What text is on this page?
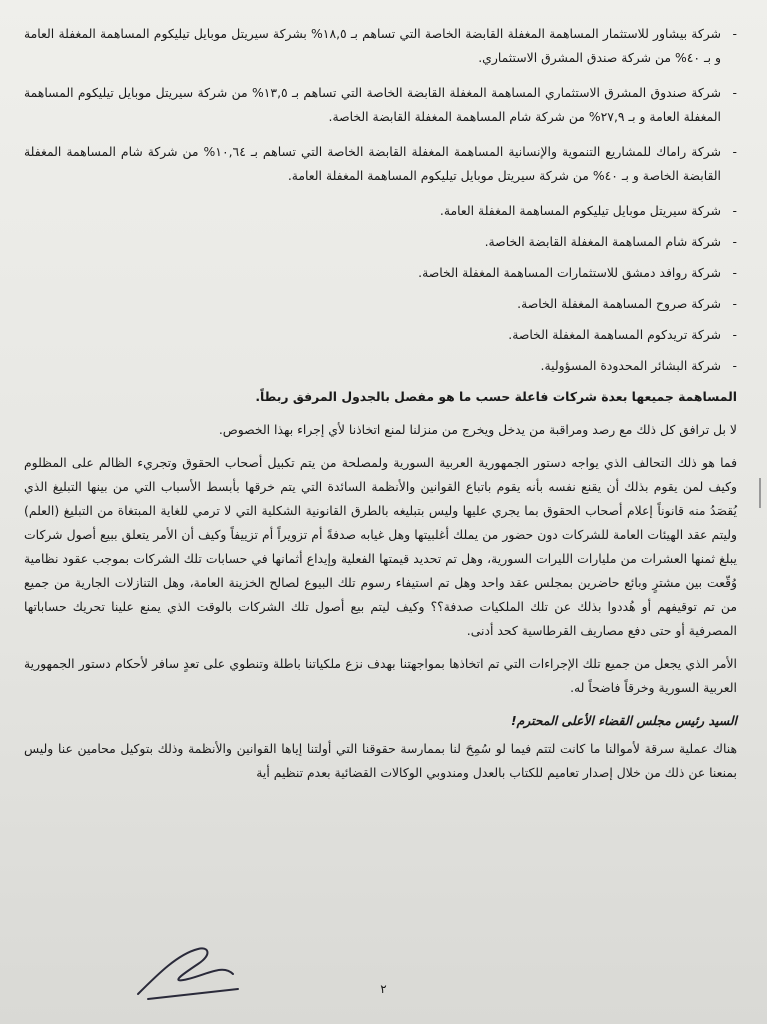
- شركة بيشاور للاستثمار المساهمة المغفلة القابضة الخاصة التي تساهم بـ ١٨,٥% بشركة سيريتل موبايل تيليكوم المساهمة المغفلة العامة و بـ ٤٠% من شركة صندق المشرق الاستثماري.
- شركة صندوق المشرق الاستثماري المساهمة المغفلة القابضة الخاصة التي تساهم بـ ١٣,٥% من شركة سيريتل موبايل تيليكوم المساهمة المغفلة العامة و بـ ٢٧,٩% من شركة شام المساهمة المغفلة القابضة الخاصة.
- شركة راماك للمشاريع التنموية والإنسانية المساهمة المغفلة القابضة الخاصة التي تساهم بـ ١٠,٦٤% من شركة شام المساهمة المغفلة القابضة الخاصة و بـ ٤٠% من شركة سيريتل موبايل تيليكوم المساهمة المغفلة العامة.
- شركة سيريتل موبايل تيليكوم المساهمة المغفلة العامة.
- شركة شام المساهمة المغفلة القابضة الخاصة.
- شركة روافد دمشق للاستثمارات المساهمة المغفلة الخاصة.
- شركة صروح المساهمة المغفلة الخاصة.
- شركة تريدكوم المساهمة المغفلة الخاصة.
- شركة البشائر المحدودة المسؤولية.

المساهمة جميعها بعدة شركات فاعلة حسب ما هو مفصل بالجدول المرفق ربطاً.

لا بل ترافق كل ذلك مع رصد ومراقبة من يدخل ويخرج من منزلنا لمنع اتخاذنا لأي إجراء بهذا الخصوص.

فما هو ذلك التحالف الذي يواجه دستور الجمهورية العربية السورية ولمصلحة من يتم تكبيل أصحاب الحقوق وتجريء الظالم على المظلوم وكيف لمن يقوم بذلك أن يقنع نفسه بأنه يقوم باتباع القوانين والأنظمة السائدة التي يتم خرقها بأبسط الأسباب التي من بينها التبليغ الذي يُقصَدُ منه قانوناً إعلام أصحاب الحقوق بما يجري عليها وليس بتبليغه بالطرق القانونية الشكلية التي لا ترمي للغاية المبتغاة من التبليغ (العلم) وليتم عقد الهيئات العامة للشركات دون حضور من يملك أغلبيتها وهل غيابه صدفةً أم تزويراً أم تزييفاً وكيف أن الأمر يتعلق ببيع أصول شركات يبلغ ثمنها العشرات من مليارات الليرات السورية، وهل تم تحديد قيمتها الفعلية وإيداع أثمانها في حسابات تلك الشركات بموجب عقود نظامية وُقّعت بين مشترٍ وبائع حاضرين بمجلس عقد واحد وهل تم استيفاء رسوم تلك البيوع لصالح الخزينة العامة، وهل التنازلات الجارية من جميع من تم توقيفهم أو هُددوا بذلك عن تلك الملكيات صدفة؟؟ وكيف ليتم بيع أصول تلك الشركات بالوقت الذي يمنع علينا تحريك حساباتها المصرفية أو حتى دفع مصاريف القرطاسية كحد أدنى.

الأمر الذي يجعل من جميع تلك الإجراءات التي تم اتخاذها بمواجهتنا بهدف نزع ملكياتنا باطلة وتنطوي على تعدٍ سافر لأحكام دستور الجمهورية العربية السورية وخرقاً فاضحاً له.

السيد رئيس مجلس القضاء الأعلى المحترم!

هناك عملية سرقة لأموالنا ما كانت لتتم فيما لو سُمِحَ لنا بممارسة حقوقنا التي أولتنا إياها القوانين والأنظمة وذلك بتوكيل محامين عنا وليس بمنعنا عن ذلك من خلال إصدار تعاميم للكتاب بالعدل ومندوبي الوكالات القضائية بعدم تنظيم أية

٢
